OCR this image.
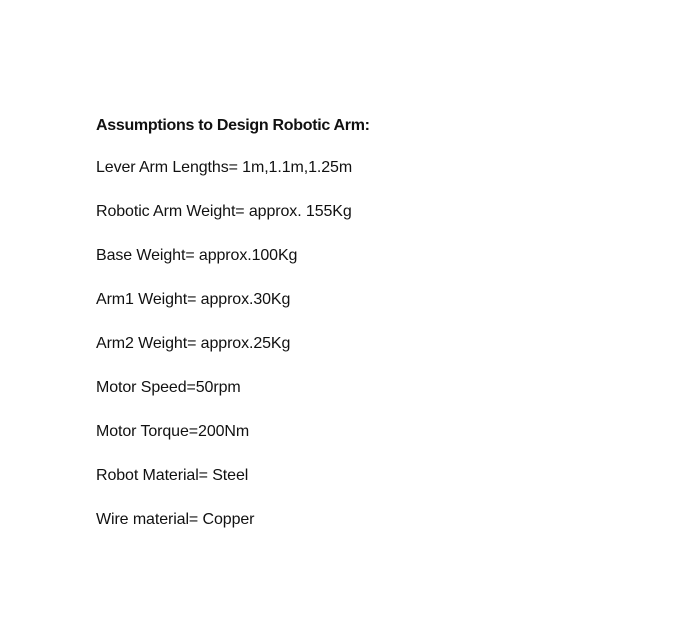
Assumptions to Design Robotic Arm:
Lever Arm Lengths= 1m,1.1m,1.25m
Robotic Arm Weight= approx. 155Kg
Base Weight= approx.100Kg
Arm1 Weight= approx.30Kg
Arm2 Weight= approx.25Kg
Motor Speed=50rpm
Motor Torque=200Nm
Robot Material= Steel
Wire material= Copper
